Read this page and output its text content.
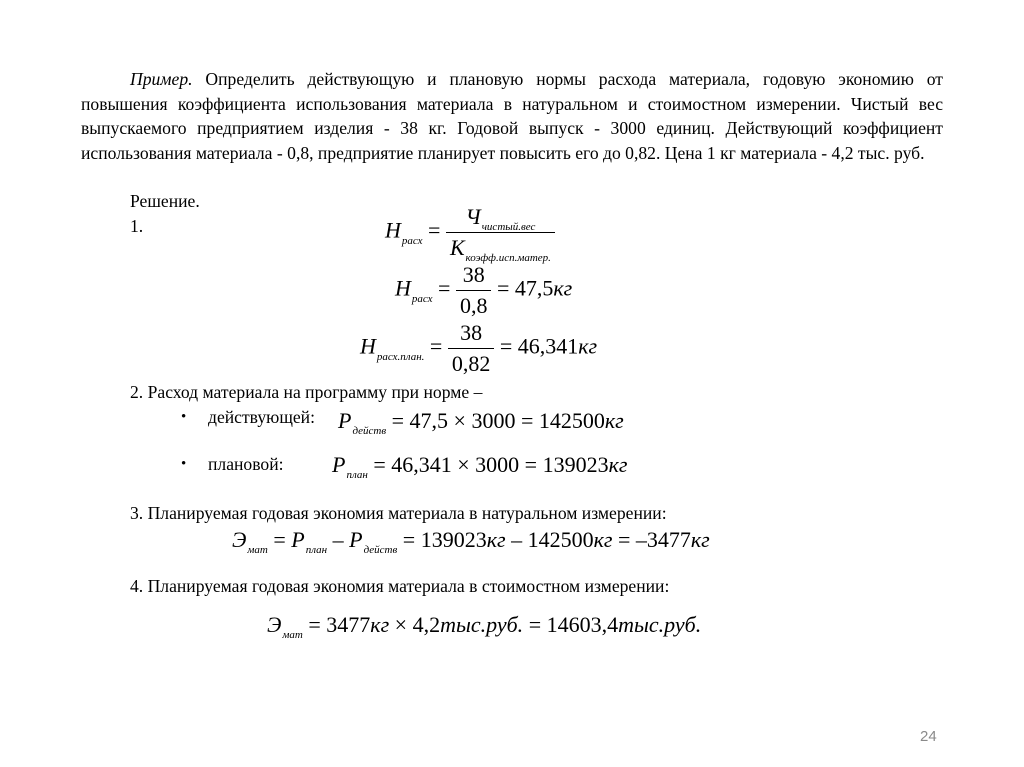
Пример. Определить действующую и плановую нормы расхода материала, годовую экономию от повышения коэффициента использования материала в натуральном и стоимостном измерении. Чистый вес выпускаемого предприятием изделия - 38 кг. Годовой выпуск - 3000 единиц. Действующий коэффициент использования материала - 0,8, предприятие планирует повысить его до 0,82. Цена 1 кг материала - 4,2 тыс. руб.
Решение.
1.	$Н_{расх} = \frac{Ч_{чистый.вес}}{К_{коэфф.исп.матер.}}$
$Н_{расх} = \frac{38}{0,8} = 47,5кг$
$Н_{расх.план.} = \frac{38}{0,82} = 46,341кг$
2. Расход материала на программу при норме –
• действующей: $Р_{действ} = 47,5 \times 3000 = 142500кг$
• плановой: $Р_{план} = 46,341 \times 3000 = 139023кг$
3. Планируемая годовая экономия материала в натуральном измерении:
$Э_{мат} = Р_{план} - Р_{действ} = 139023кг - 142500кг = -3477кг$
4. Планируемая годовая экономия материала в стоимостном измерении:
$Э_{мат} = 3477кг \times 4,2тыс.руб$. = 14603,4тыс.руб.
24
